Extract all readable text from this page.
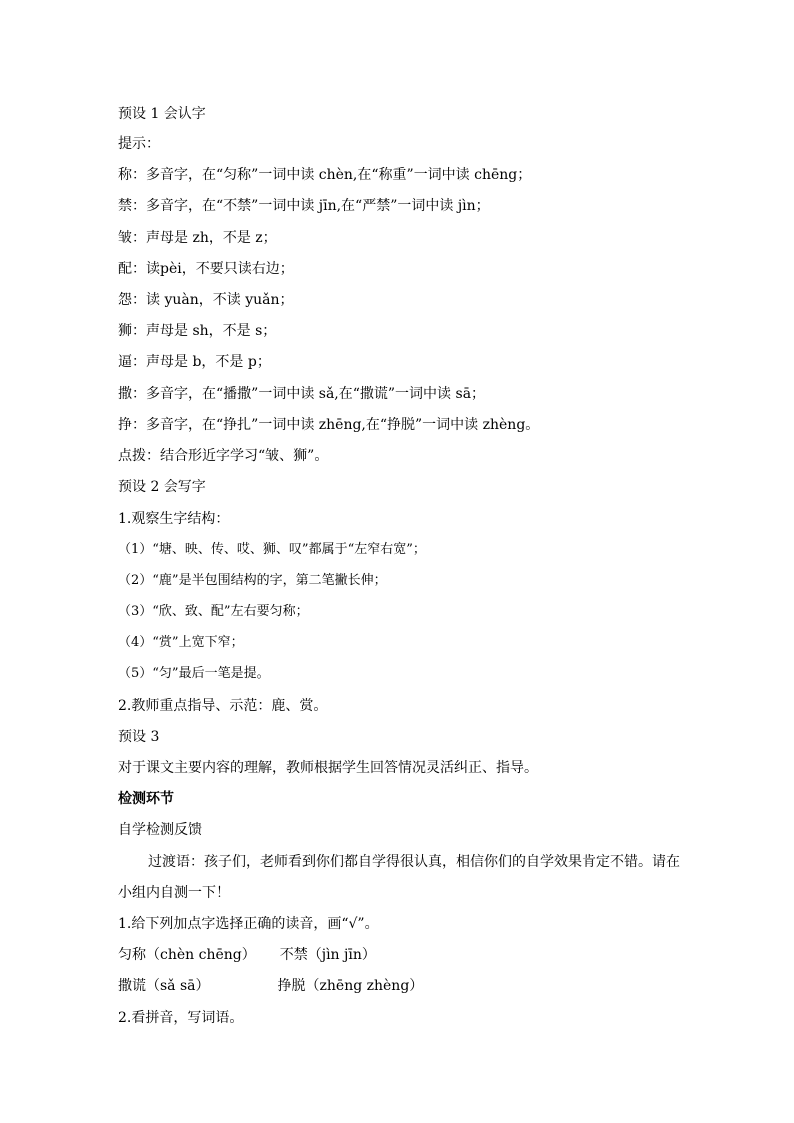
预设 1 会认字
提示：
称：多音字，在“匀称”一词中读 chèn,在“称重”一词中读 chēng；
禁：多音字，在“不禁”一词中读 jīn,在“严禁”一词中读 jìn；
皱：声母是 zh，不是 z；
配：读pèi，不要只读右边；
怨：读 yuàn，不读 yuǎn；
狮：声母是 sh，不是 s；
逼：声母是 b，不是 p；
撒：多音字，在“播撒”一词中读 sǎ,在“撒谎”一词中读 sā；
挣：多音字，在“挣扎”一词中读 zhēng,在“挣脱”一词中读 zhèng。
点拨：结合形近字学习“皱、狮”。
预设 2 会写字
1.观察生字结构：
（1）“塘、映、传、哎、狮、叹”都属于“左窄右宽”；
（2）“鹿”是半包围结构的字，第二笔撇长伸；
（3）“欣、致、配”左右要匀称；
（4）“赏”上宽下窄；
（5）“匀”最后一笔是提。
2.教师重点指导、示范：鹿、赏。
预设 3
对于课文主要内容的理解，教师根据学生回答情况灵活纠正、指导。
检测环节
自学检测反馈
过渡语：孩子们，老师看到你们都自学得很认真，相信你们的自学效果肯定不错。请在
小组内自测一下！
1.给下列加点字选择正确的读音，画“√”。
匀称（chèn chēng） 不禁（jìn jīn）
撒谎（sǎ sā）	挣脱（zhēng zhèng）
2.看拼音，写词语。
